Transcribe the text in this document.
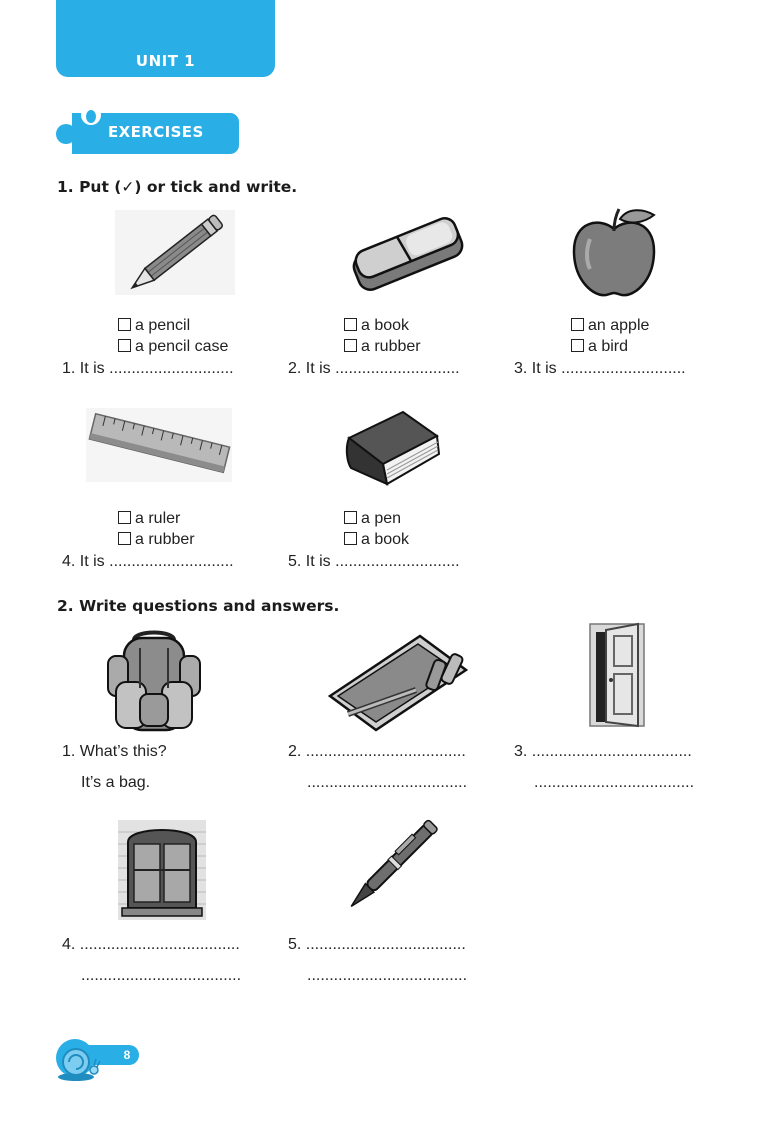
UNIT 1
EXERCISES
1. Put (✓) or tick and write.
a pencil
a pencil case
1. It is ............................
a book
a rubber
2. It is ............................
an apple
a bird
3. It is ............................
a ruler
a rubber
4. It is ............................
a pen
a book
5. It is ............................
2. Write questions and answers.
1. What’s this?
It’s a bag.
2. ....................................
....................................
3. ....................................
....................................
4. ....................................
....................................
5. ....................................
....................................
8
